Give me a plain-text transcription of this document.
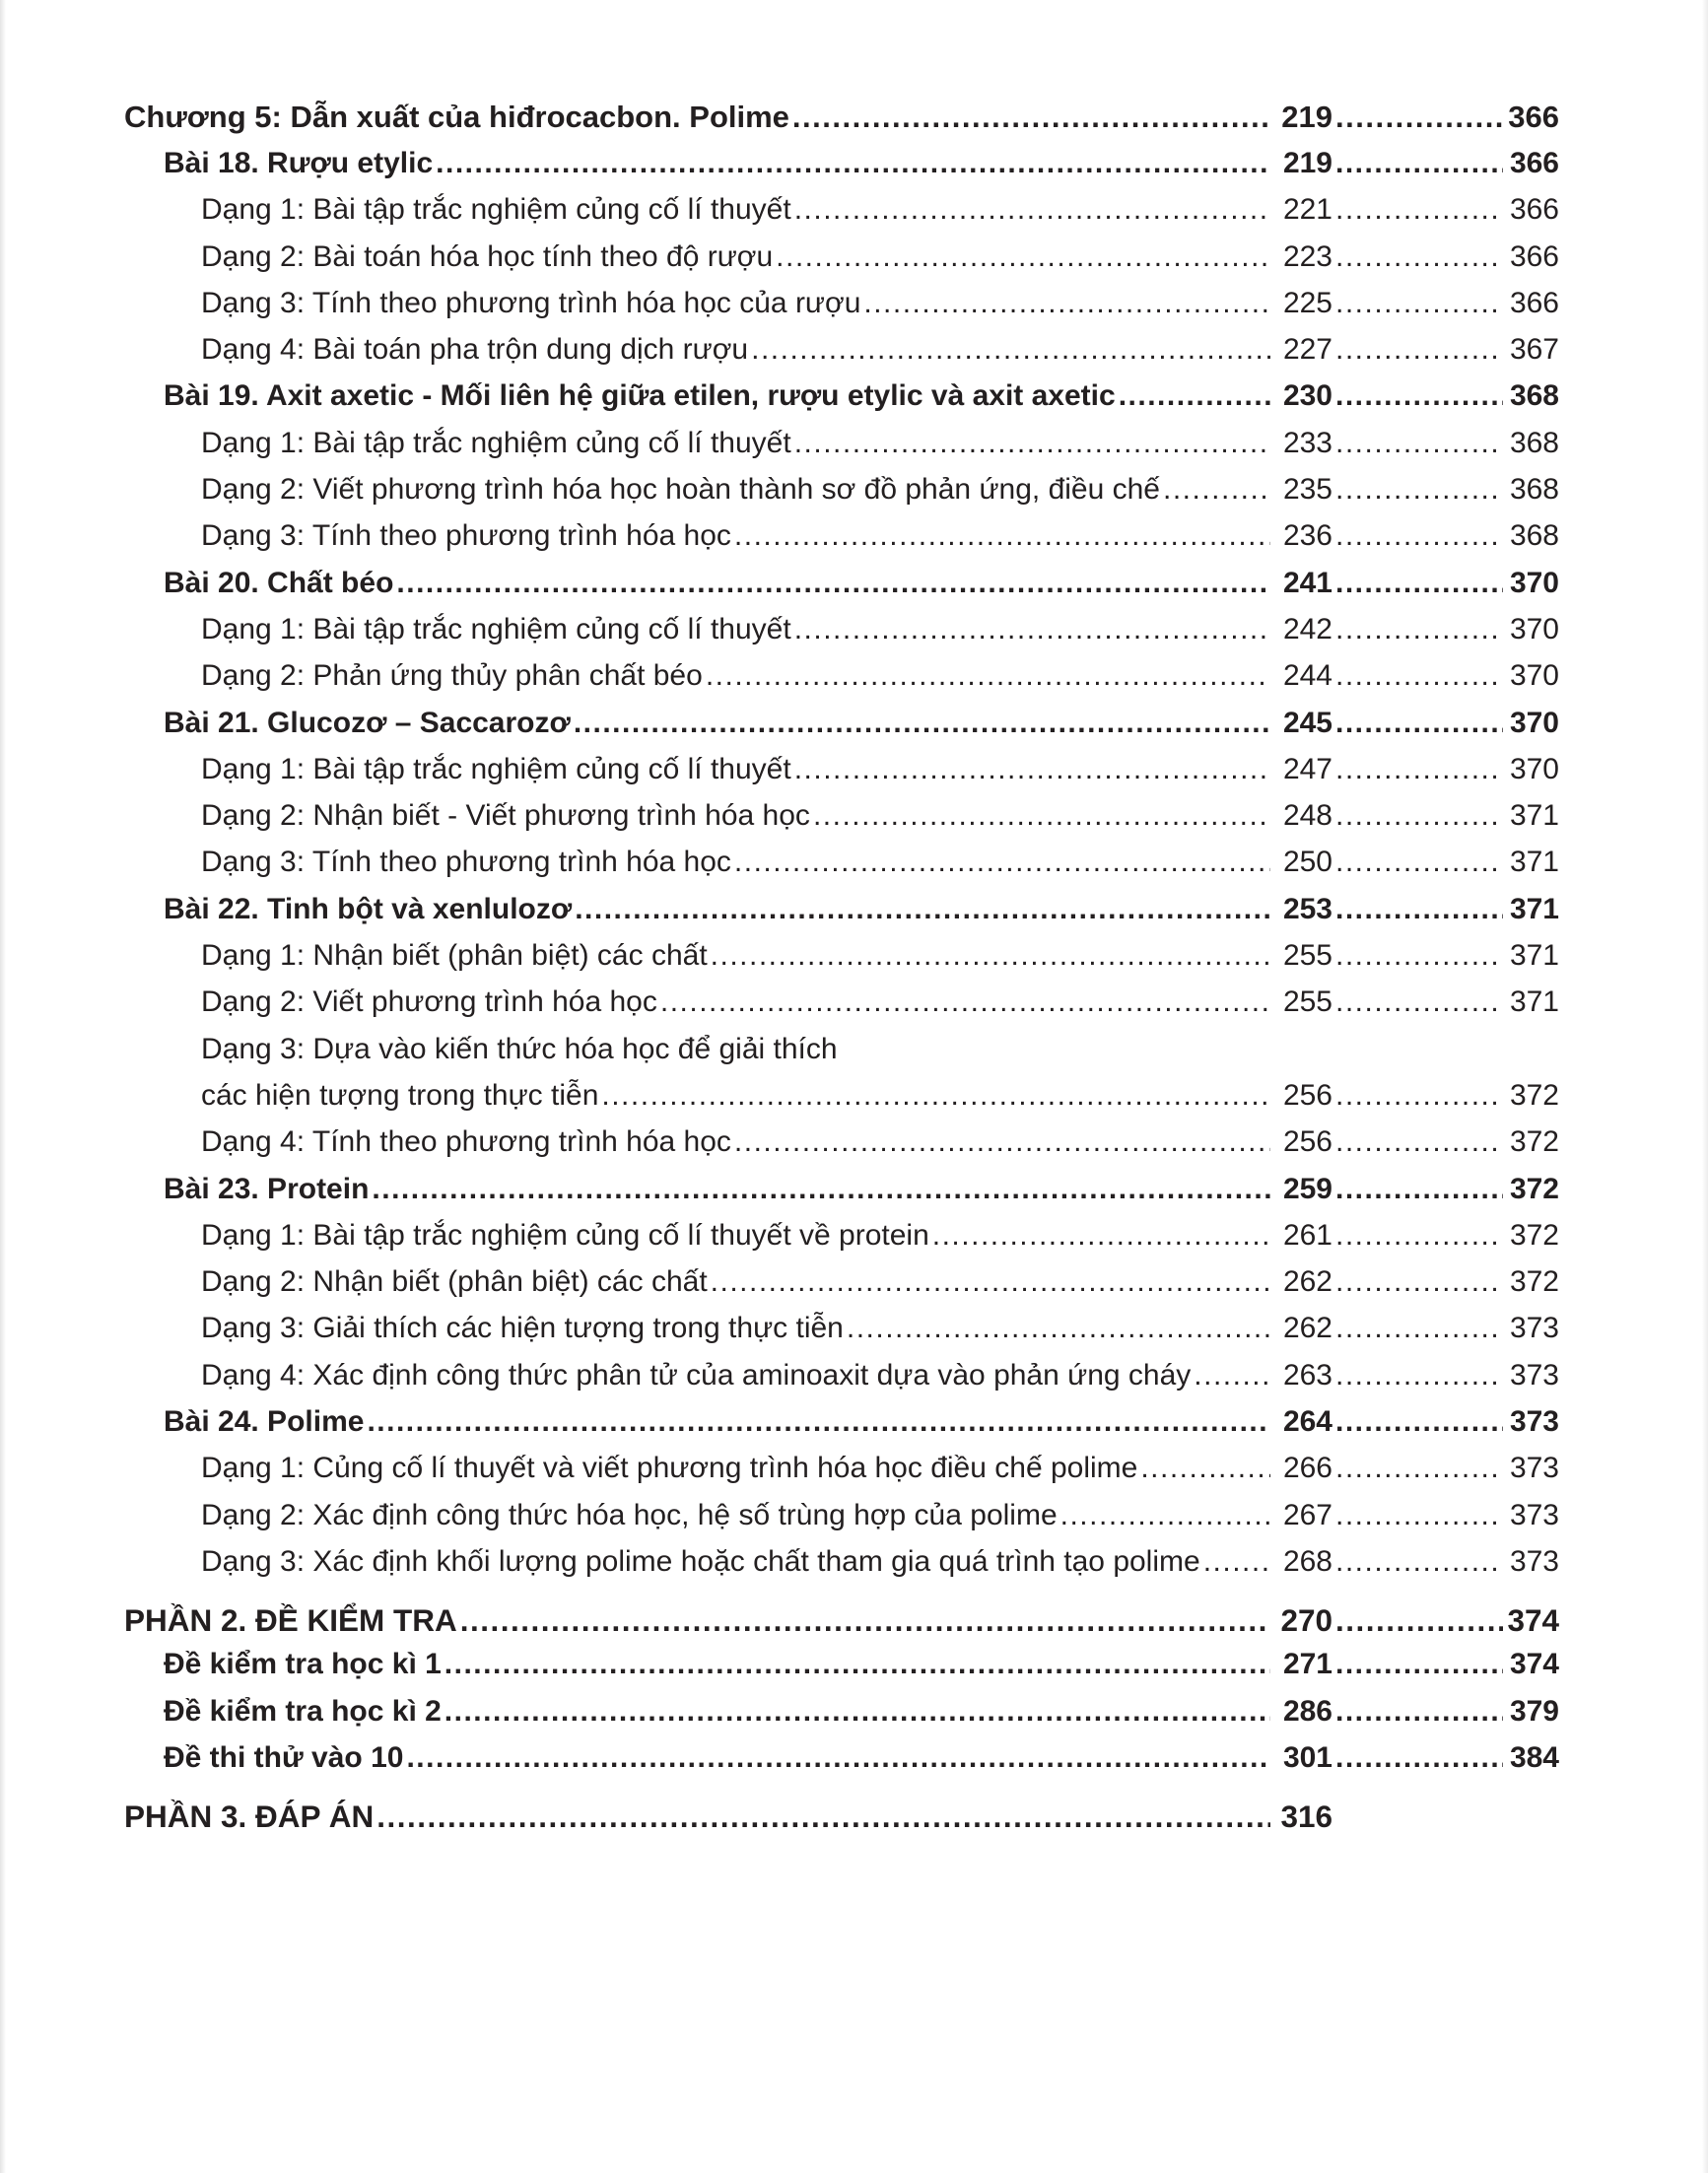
Chương 5: Dẫn xuất của hiđrocacbon. Polime .....	219 .....	366
Bài 18. Rượu etylic .....	219 .....	366
Dạng 1: Bài tập trắc nghiệm củng cố lí thuyết .....	221 .....	366
Dạng 2: Bài toán hóa học tính theo độ rượu .....	223 .....	366
Dạng 3: Tính theo phương trình hóa học của rượu .....	225 .....	366
Dạng 4: Bài toán pha trộn dung dịch rượu .....	227 .....	367
Bài 19. Axit axetic - Mối liên hệ giữa etilen, rượu etylic và axit axetic .....	230 .....	368
Dạng 1: Bài tập trắc nghiệm củng cố lí thuyết .....	233 .....	368
Dạng 2: Viết phương trình hóa học hoàn thành sơ đồ phản ứng, điều chế .....	235 .....	368
Dạng 3: Tính theo phương trình hóa học .....	236 .....	368
Bài 20. Chất béo .....	241 .....	370
Dạng 1: Bài tập trắc nghiệm củng cố lí thuyết .....	242 .....	370
Dạng 2: Phản ứng thủy phân chất béo .....	244 .....	370
Bài 21. Glucozơ – Saccarozơ .....	245 .....	370
Dạng 1: Bài tập trắc nghiệm củng cố lí thuyết .....	247 .....	370
Dạng 2: Nhận biết - Viết phương trình hóa học .....	248 .....	371
Dạng 3: Tính theo phương trình hóa học .....	250 .....	371
Bài 22. Tinh bột và xenlulozơ .....	253 .....	371
Dạng 1: Nhận biết (phân biệt) các chất .....	255 .....	371
Dạng 2: Viết phương trình hóa học .....	255 .....	371
Dạng 3: Dựa vào kiến thức hóa học để giải thích
các hiện tượng trong thực tiễn .....	256 .....	372
Dạng 4: Tính theo phương trình hóa học .....	256 .....	372
Bài 23. Protein .....	259 .....	372
Dạng 1: Bài tập trắc nghiệm củng cố lí thuyết về protein .....	261 .....	372
Dạng 2: Nhận biết (phân biệt) các chất .....	262 .....	372
Dạng 3: Giải thích các hiện tượng trong thực tiễn .....	262 .....	373
Dạng 4: Xác định công thức phân tử của aminoaxit dựa vào phản ứng cháy .....	263 .....	373
Bài 24. Polime .....	264 .....	373
Dạng 1: Củng cố lí thuyết và viết phương trình hóa học điều chế polime .....	266 .....	373
Dạng 2: Xác định công thức hóa học, hệ số trùng hợp của polime .....	267 .....	373
Dạng 3: Xác định khối lượng polime hoặc chất tham gia quá trình tạo polime .....	268 .....	373
PHẦN 2. ĐỀ KIỂM TRA .....	270 .....	374
Đề kiểm tra học kì 1 .....	271 .....	374
Đề kiểm tra học kì 2 .....	286 .....	379
Đề thi thử vào 10 .....	301 .....	384
PHẦN 3. ĐÁP ÁN .....	316
